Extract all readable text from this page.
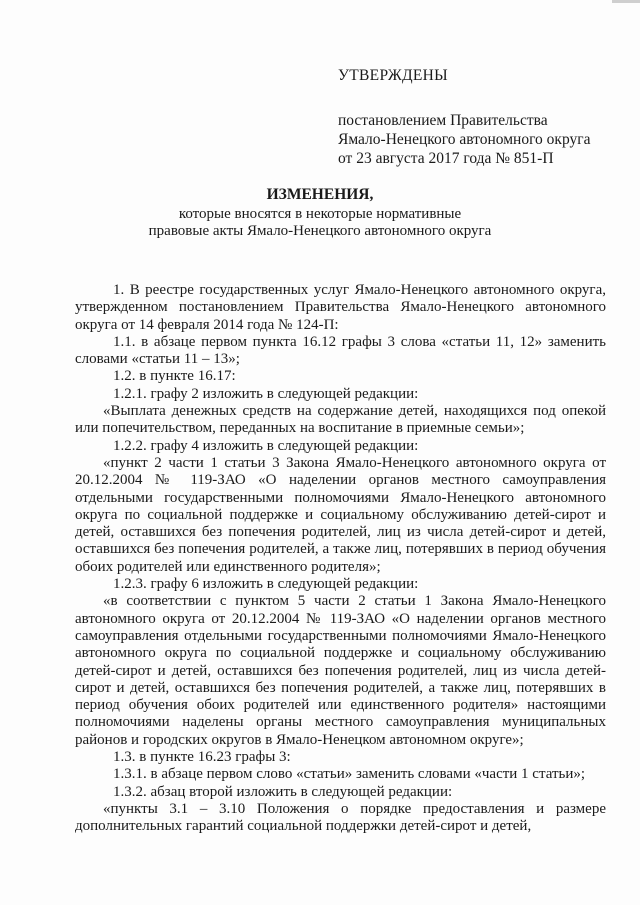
УТВЕРЖДЕНЫ
постановлением Правительства
Ямало-Ненецкого автономного округа
от 23 августа 2017 года № 851-П
ИЗМЕНЕНИЯ,
которые вносятся в некоторые нормативные
правовые акты Ямало-Ненецкого автономного округа

1. В реестре государственных услуг Ямало-Ненецкого автономного округа, утвержденном постановлением Правительства Ямало-Ненецкого автономного округа от 14 февраля 2014 года № 124-П:

1.1. в абзаце первом пункта 16.12 графы 3 слова «статьи 11, 12» заменить словами «статьи 11 – 13»;

1.2. в пункте 16.17:

1.2.1. графу 2 изложить в следующей редакции:

«Выплата денежных средств на содержание детей, находящихся под опекой или попечительством, переданных на воспитание в приемные семьи»;

1.2.2. графу 4 изложить в следующей редакции:

«пункт 2 части 1 статьи 3 Закона Ямало-Ненецкого автономного округа от 20.12.2004 № 119-ЗАО «О наделении органов местного самоуправления отдельными государственными полномочиями Ямало-Ненецкого автономного округа по социальной поддержке и социальному обслуживанию детей-сирот и детей, оставшихся без попечения родителей, лиц из числа детей-сирот и детей, оставшихся без попечения родителей, а также лиц, потерявших в период обучения обоих родителей или единственного родителя»;

1.2.3. графу 6 изложить в следующей редакции:

«в соответствии с пунктом 5 части 2 статьи 1 Закона Ямало-Ненецкого автономного округа от 20.12.2004 № 119-ЗАО «О наделении органов местного самоуправления отдельными государственными полномочиями Ямало-Ненецкого автономного округа по социальной поддержке и социальному обслуживанию детей-сирот и детей, оставшихся без попечения родителей, лиц из числа детей-сирот и детей, оставшихся без попечения родителей, а также лиц, потерявших в период обучения обоих родителей или единственного родителя» настоящими полномочиями наделены органы местного самоуправления муниципальных районов и городских округов в Ямало-Ненецком автономном округе»;

1.3. в пункте 16.23 графы 3:

1.3.1. в абзаце первом слово «статьи» заменить словами «части 1 статьи»;

1.3.2. абзац второй изложить в следующей редакции:

«пункты 3.1 – 3.10 Положения о порядке предоставления и размере дополнительных гарантий социальной поддержки детей-сирот и детей,
